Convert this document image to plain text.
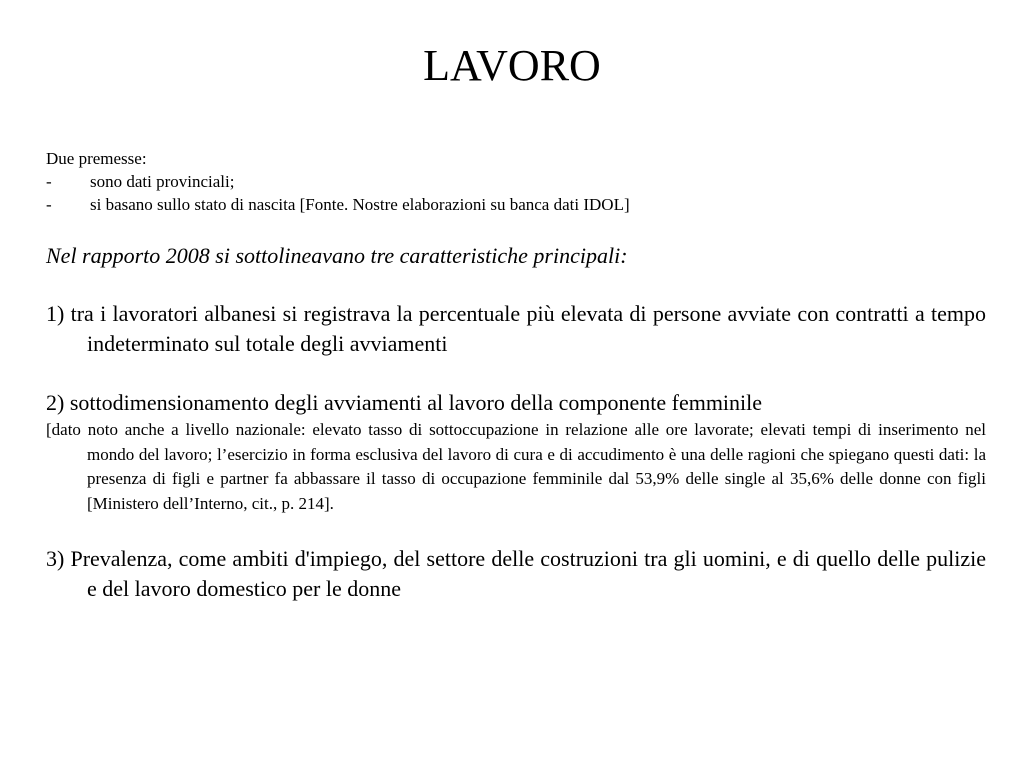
LAVORO
Due premesse:
-	sono dati provinciali;
-	si basano sullo stato di nascita [Fonte. Nostre elaborazioni su banca dati IDOL]
Nel rapporto 2008 si sottolineavano tre caratteristiche principali:
1) tra i lavoratori albanesi si registrava la percentuale più elevata di persone avviate con contratti a tempo indeterminato sul totale degli avviamenti
2) sottodimensionamento degli avviamenti al lavoro della componente femminile
[dato noto anche a livello nazionale: elevato tasso di sottoccupazione in relazione alle ore lavorate; elevati tempi di inserimento nel mondo del lavoro; l’esercizio in forma esclusiva del lavoro di cura e di accudimento è una delle ragioni che spiegano questi dati: la presenza di figli e partner fa abbassare il tasso di occupazione femminile dal 53,9% delle single al 35,6% delle donne con figli [Ministero dell’Interno, cit., p. 214].
3) Prevalenza, come ambiti d'impiego, del settore delle costruzioni tra gli uomini, e di quello delle pulizie e del lavoro domestico per le donne
